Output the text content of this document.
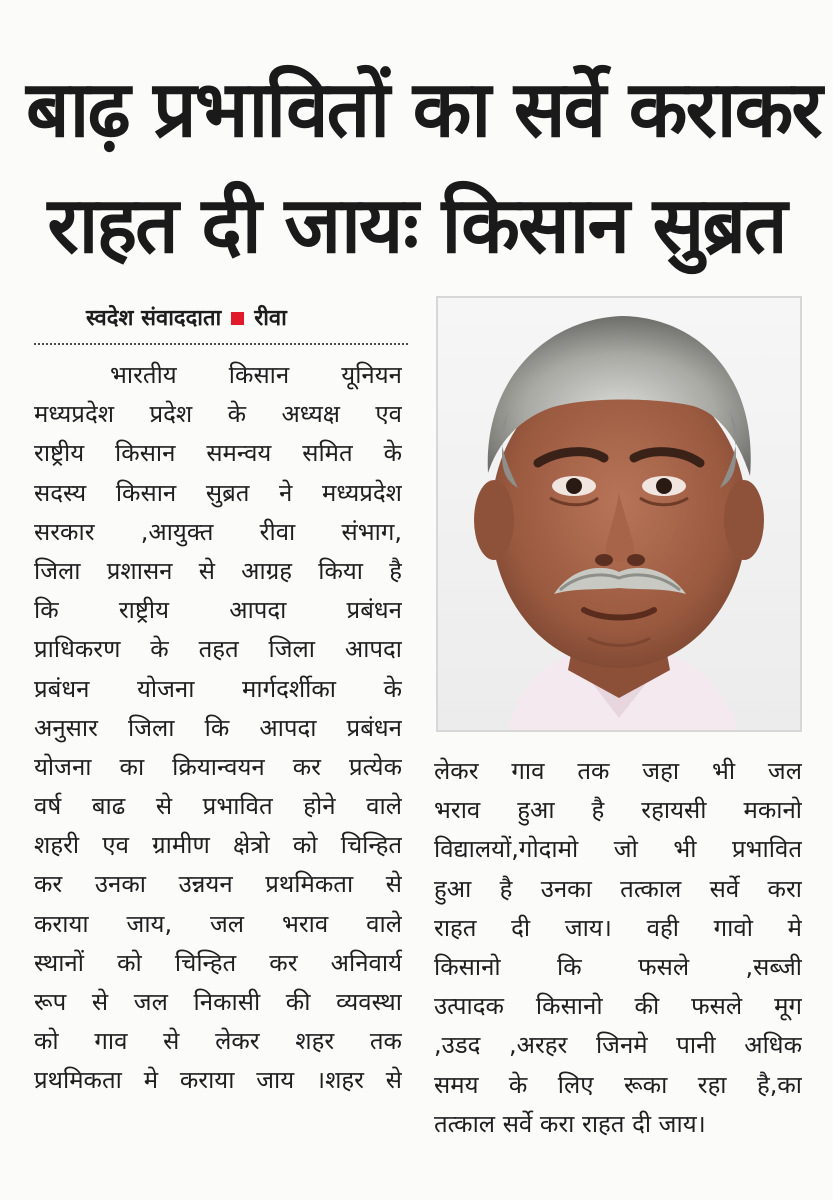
बाढ़ प्रभावितों का सर्वे कराकर
राहत दी जायः किसान सुब्रत
स्वदेश संवाददाता रीवा
भारतीय किसान यूनियन
मध्यप्रदेश प्रदेश के अध्यक्ष एव
राष्ट्रीय किसान समन्वय समित के
सदस्य किसान सुब्रत ने मध्यप्रदेश
सरकार ,आयुक्त रीवा संभाग,
जिला प्रशासन से आग्रह किया है
कि राष्ट्रीय आपदा प्रबंधन
प्राधिकरण के तहत जिला आपदा
प्रबंधन योजना मार्गदर्शीका के
अनुसार जिला कि आपदा प्रबंधन
योजना का क्रियान्वयन कर प्रत्येक
वर्ष बाढ से प्रभावित होने वाले
शहरी एव ग्रामीण क्षेत्रो को चिन्हित
कर उनका उन्नयन प्रथमिकता से
कराया जाय, जल भराव वाले
स्थानों को चिन्हित कर अनिवार्य
रूप से जल निकासी की व्यवस्था
को गाव से लेकर शहर तक
प्रथमिकता मे कराया जाय ।शहर से
लेकर गाव तक जहा भी जल
भराव हुआ है रहायसी मकानो
विद्यालयों,गोदामो जो भी प्रभावित
हुआ है उनका तत्काल सर्वे करा
राहत दी जाय। वही गावो मे
किसानो कि फसले ,सब्जी
उत्पादक किसानो की फसले मूग
,उडद ,अरहर जिनमे पानी अधिक
समय के लिए रूका रहा है,का
तत्काल सर्वे करा राहत दी जाय।
